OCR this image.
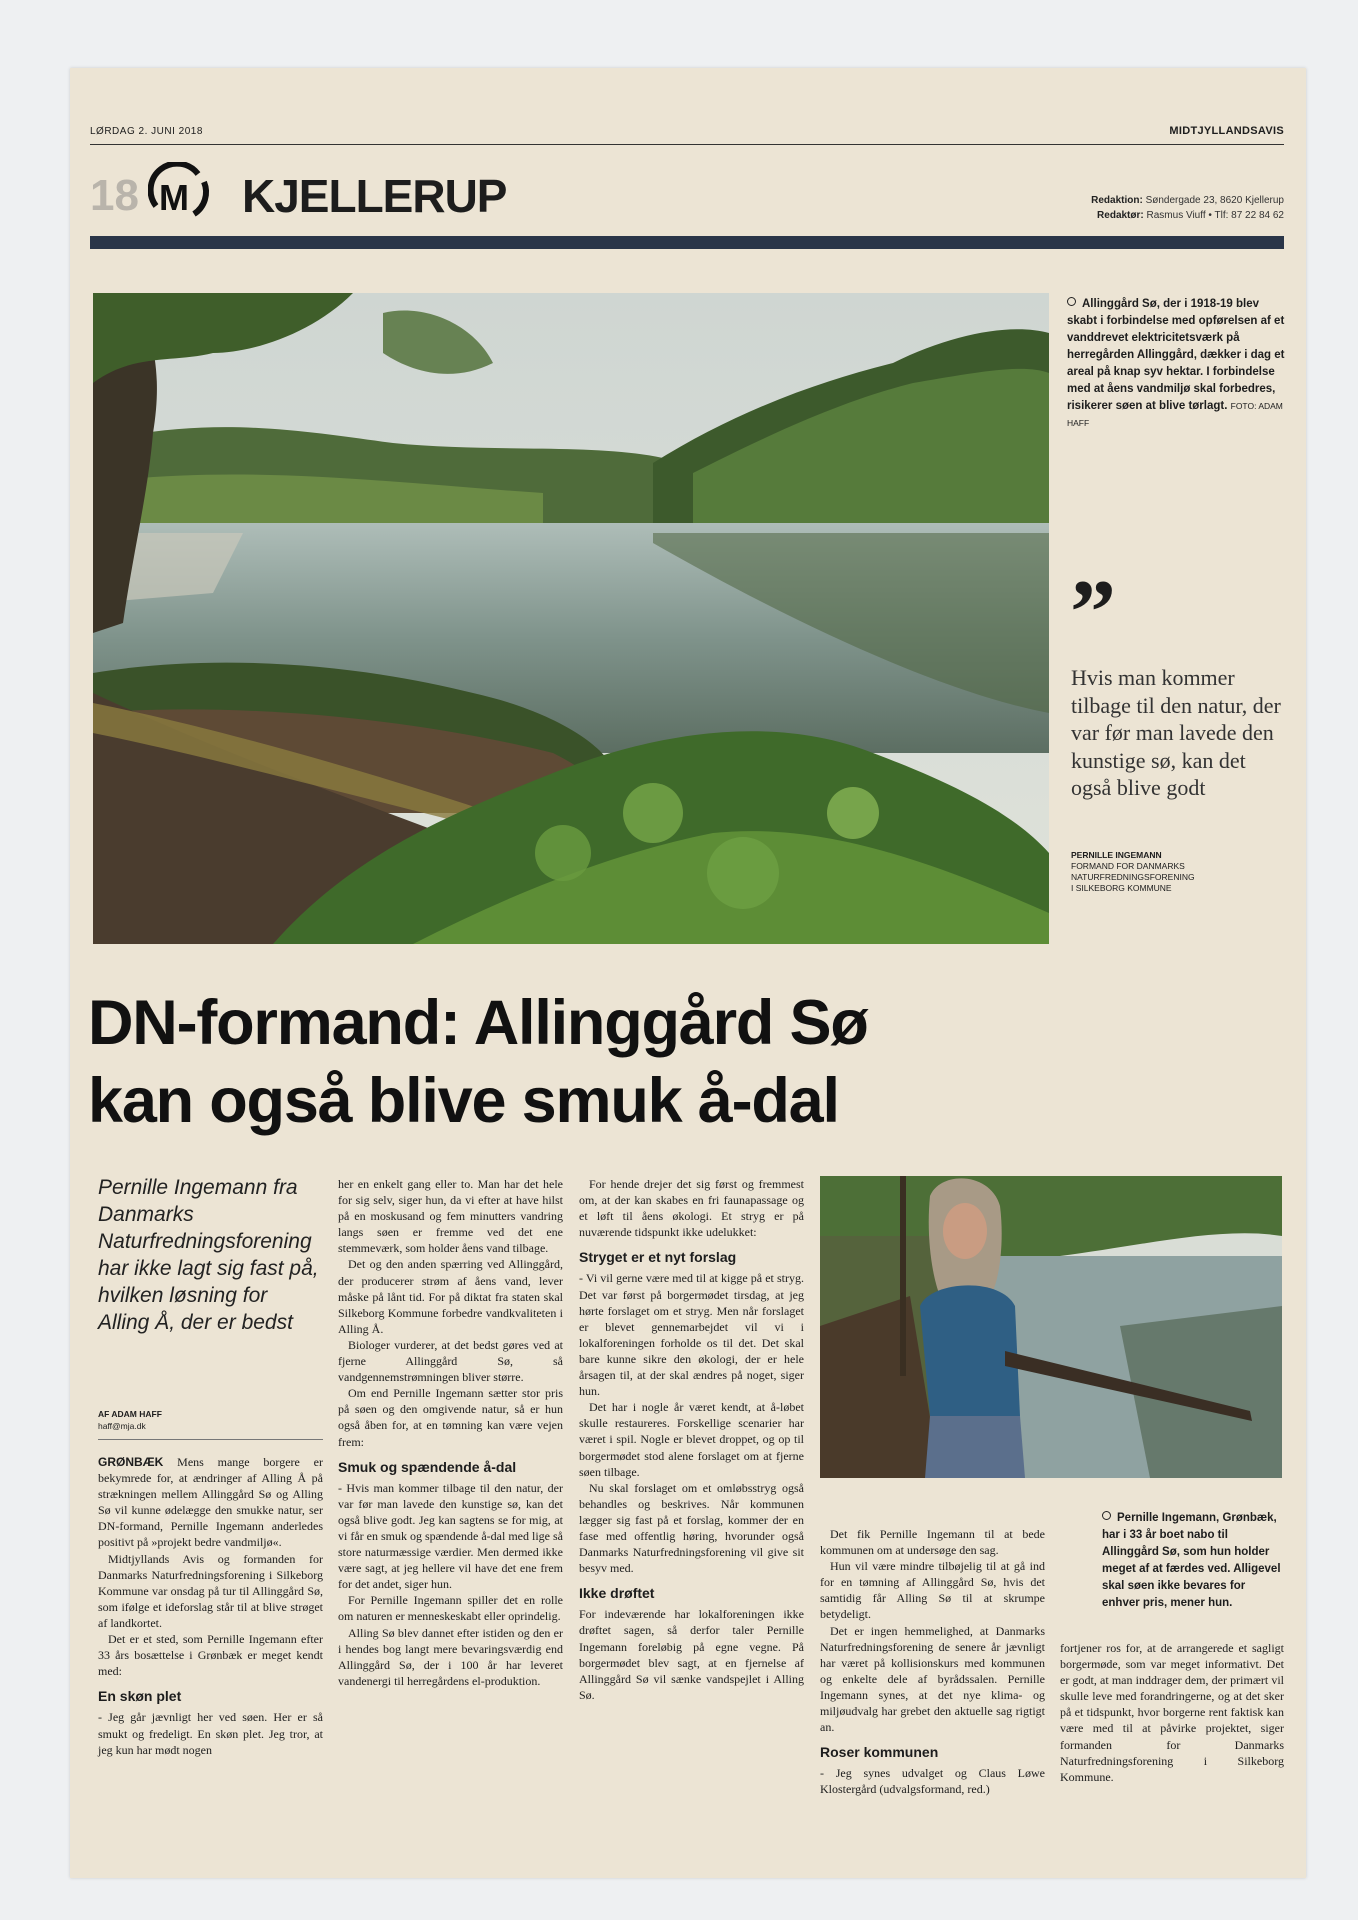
LØRDAG 2. JUNI 2018	MIDTJYLLANDSAVIS
18 M KJELLERUP	Redaktion: Søndergade 23, 8620 Kjellerup
Redaktør: Rasmus Viuff • Tlf: 87 22 84 62
Allinggård Sø, der i 1918-19 blev skabt i forbindelse med opførelsen af et vanddrevet elektricitetsværk på herregården Allinggård, dækker i dag et areal på knap syv hektar. I forbindelse med at åens vandmiljø skal forbedres, risikerer søen at blive tørlagt. FOTO: ADAM HAFF
”
Hvis man kommer tilbage til den natur, der var før man lavede den kunstige sø, kan det også blive godt
PERNILLE INGEMANN
FORMAND FOR DANMARKS
NATURFREDNINGSFORENING
I SILKEBORG KOMMUNE
DN-formand: Allinggård Sø
kan også blive smuk å-dal
Pernille Ingemann fra Danmarks Naturfredningsforening har ikke lagt sig fast på, hvilken løsning for Alling Å, der er bedst
AF ADAM HAFF
haff@mja.dk

GRØNBÆK Mens mange borgere er bekymrede for, at ændringer af Alling Å på strækningen mellem Allinggård Sø og Alling Sø vil kunne ødelægge den smukke natur, ser DN-formand, Pernille Ingemann anderledes positivt på »projekt bedre vandmiljø«.

Midtjyllands Avis og formanden for Danmarks Naturfredningsforening i Silkeborg Kommune var onsdag på tur til Allinggård Sø, som ifølge et ideforslag står til at blive strøget af landkortet.

Det er et sted, som Pernille Ingemann efter 33 års bosættelse i Grønbæk er meget kendt med:

En skøn plet

- Jeg går jævnligt her ved søen. Her er så smukt og fredeligt. En skøn plet. Jeg tror, at jeg kun har mødt nogen

her en enkelt gang eller to. Man har det hele for sig selv, siger hun, da vi efter at have hilst på en moskusand og fem minutters vandring langs søen er fremme ved det ene stemmeværk, som holder åens vand tilbage.

Det og den anden spærring ved Allinggård, der producerer strøm af åens vand, lever måske på lånt tid. For på diktat fra staten skal Silkeborg Kommune forbedre vandkvaliteten i Alling Å.

Biologer vurderer, at det bedst gøres ved at fjerne Allinggård Sø, så vandgennemstrømningen bliver større.

Om end Pernille Ingemann sætter stor pris på søen og den omgivende natur, så er hun også åben for, at en tømning kan være vejen frem:

Smuk og spændende å-dal

- Hvis man kommer tilbage til den natur, der var før man lavede den kunstige sø, kan det også blive godt. Jeg kan sagtens se for mig, at vi får en smuk og spændende å-dal med lige så store naturmæssige værdier. Men dermed ikke være sagt, at jeg hellere vil have det ene frem for det andet, siger hun.

For Pernille Ingemann spiller det en rolle om naturen er menneskeskabt eller oprindelig.

Alling Sø blev dannet efter istiden og den er i hendes bog langt mere bevaringsværdig end Allinggård Sø, der i 100 år har leveret vandenergi til herregårdens el-produktion.

For hende drejer det sig først og fremmest om, at der kan skabes en fri faunapassage og et løft til åens økologi. Et stryg er på nuværende tidspunkt ikke udelukket:

Stryget er et nyt forslag

- Vi vil gerne være med til at kigge på et stryg. Det var først på borgermødet tirsdag, at jeg hørte forslaget om et stryg. Men når forslaget er blevet gennemarbejdet vil vi i lokalforeningen forholde os til det. Det skal bare kunne sikre den økologi, der er hele årsagen til, at der skal ændres på noget, siger hun.

Det har i nogle år været kendt, at å-løbet skulle restaureres. Forskellige scenarier har været i spil. Nogle er blevet droppet, og op til borgermødet stod alene forslaget om at fjerne søen tilbage.

Nu skal forslaget om et omløbsstryg også behandles og beskrives. Når kommunen lægger sig fast på et forslag, kommer der en fase med offentlig høring, hvorunder også Danmarks Naturfredningsforening vil give sit besyv med.

Ikke drøftet

For indeværende har lokalforeningen ikke drøftet sagen, så derfor taler Pernille Ingemann foreløbig på egne vegne. På borgermødet blev sagt, at en fjernelse af Allinggård Sø vil sænke vandspejlet i Alling Sø.

Pernille Ingemann, Grønbæk, har i 33 år boet nabo til Allinggård Sø, som hun holder meget af at færdes ved. Alligevel skal søen ikke bevares for enhver pris, mener hun.

Det fik Pernille Ingemann til at bede kommunen om at undersøge den sag.

Hun vil være mindre tilbøjelig til at gå ind for en tømning af Allinggård Sø, hvis det samtidig får Alling Sø til at skrumpe betydeligt.

Det er ingen hemmelighed, at Danmarks Naturfredningsforening de senere år jævnligt har været på kollisionskurs med kommunen og enkelte dele af byrådssalen. Pernille Ingemann synes, at det nye klima- og miljøudvalg har grebet den aktuelle sag rigtigt an.

Roser kommunen

- Jeg synes udvalget og Claus Løwe Klostergård (udvalgsformand, red.)

fortjener ros for, at de arrangerede et sagligt borgermøde, som var meget informativt. Det er godt, at man inddrager dem, der primært vil skulle leve med forandringerne, og at det sker på et tidspunkt, hvor borgerne rent faktisk kan være med til at påvirke projektet, siger formanden for Danmarks Naturfredningsforening i Silkeborg Kommune.
